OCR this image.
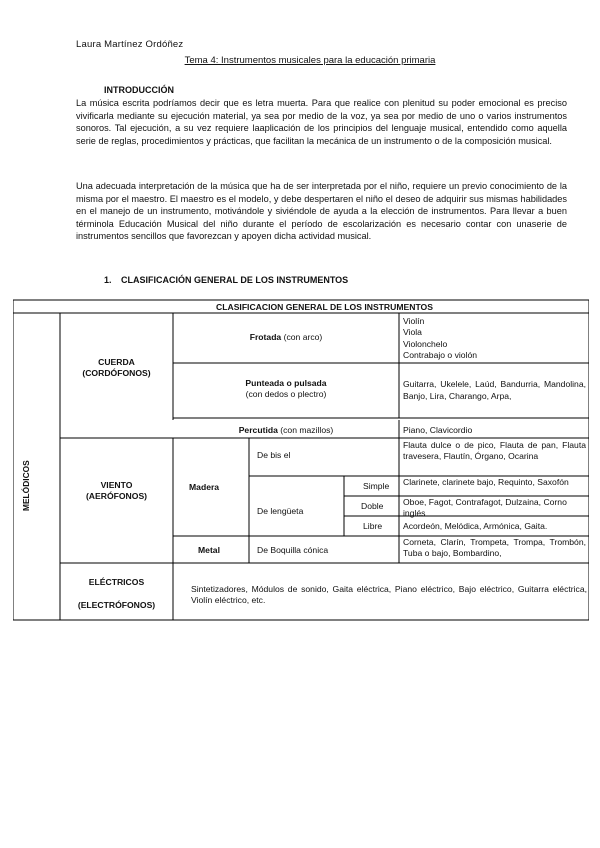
Laura Martínez Ordóñez
Tema 4: Instrumentos musicales para la educación primaria
INTRODUCCIÓN
La música escrita podríamos decir que es letra muerta. Para que realice con plenitud su poder emocional es preciso vivificarla mediante su ejecución material, ya sea por medio de la voz, ya sea por medio de uno o varios instrumentos sonoros. Tal ejecución, a su vez requiere laaplicación de los principios del lenguaje musical, entendido como aquella serie de reglas, procedimientos y prácticas, que facilitan la mecánica de un instrumento o de la composición musical.
Una adecuada interpretación de la música que ha de ser interpretada por el niño, requiere un previo conocimiento de la misma por el maestro. El maestro es el modelo, y debe despertaren el niño el deseo de adquirir sus mismas habilidades en el manejo de un instrumento, motivándole y siviéndole de ayuda a la elección de instrumentos. Para llevar a buen términola Educación Musical del niño durante el período de escolarización es necesario contar con unaserie de instrumentos sencillos que favorezcan y apoyen dicha actividad musical.
1. CLASIFICACIÓN GENERAL DE LOS INSTRUMENTOS
CLASIFICACION GENERAL DE LOS INSTRUMENTOS
MELÓDICOS
CUERDA
(CORDÓFONOS)
Frotada (con arco)
Violín
Viola
Violonchelo
Contrabajo o violón
Punteada o pulsada
(con dedos o plectro)
Guitarra, Ukelele, Laúd, Bandurria, Mandolina, Banjo, Lira, Charango, Arpa,
Percutida (con mazillos)	Piano, Clavicordio
VIENTO
(AERÓFONOS)
Madera
De bis el
Flauta dulce o de pico, Flauta de pan, Flauta travesera, Flautín, Órgano, Ocarina
De lengüeta
Simple Clarinete, clarinete bajo, Requinto, Saxofón
Doble Oboe, Fagot, Contrafagot, Dulzaina, Corno inglés
Libre Acordeón, Melódica, Armónica, Gaita.
Metal	De Boquilla cónica
Corneta, Clarín, Trompeta, Trompa, Trombón, Tuba o bajo, Bombardino,
ELÉCTRICOS
(ELECTRÓFONOS)
Sintetizadores, Módulos de sonido, Gaita eléctrica, Piano eléctrico, Bajo eléctrico, Guitarra eléctrica, Violín eléctrico, etc.
